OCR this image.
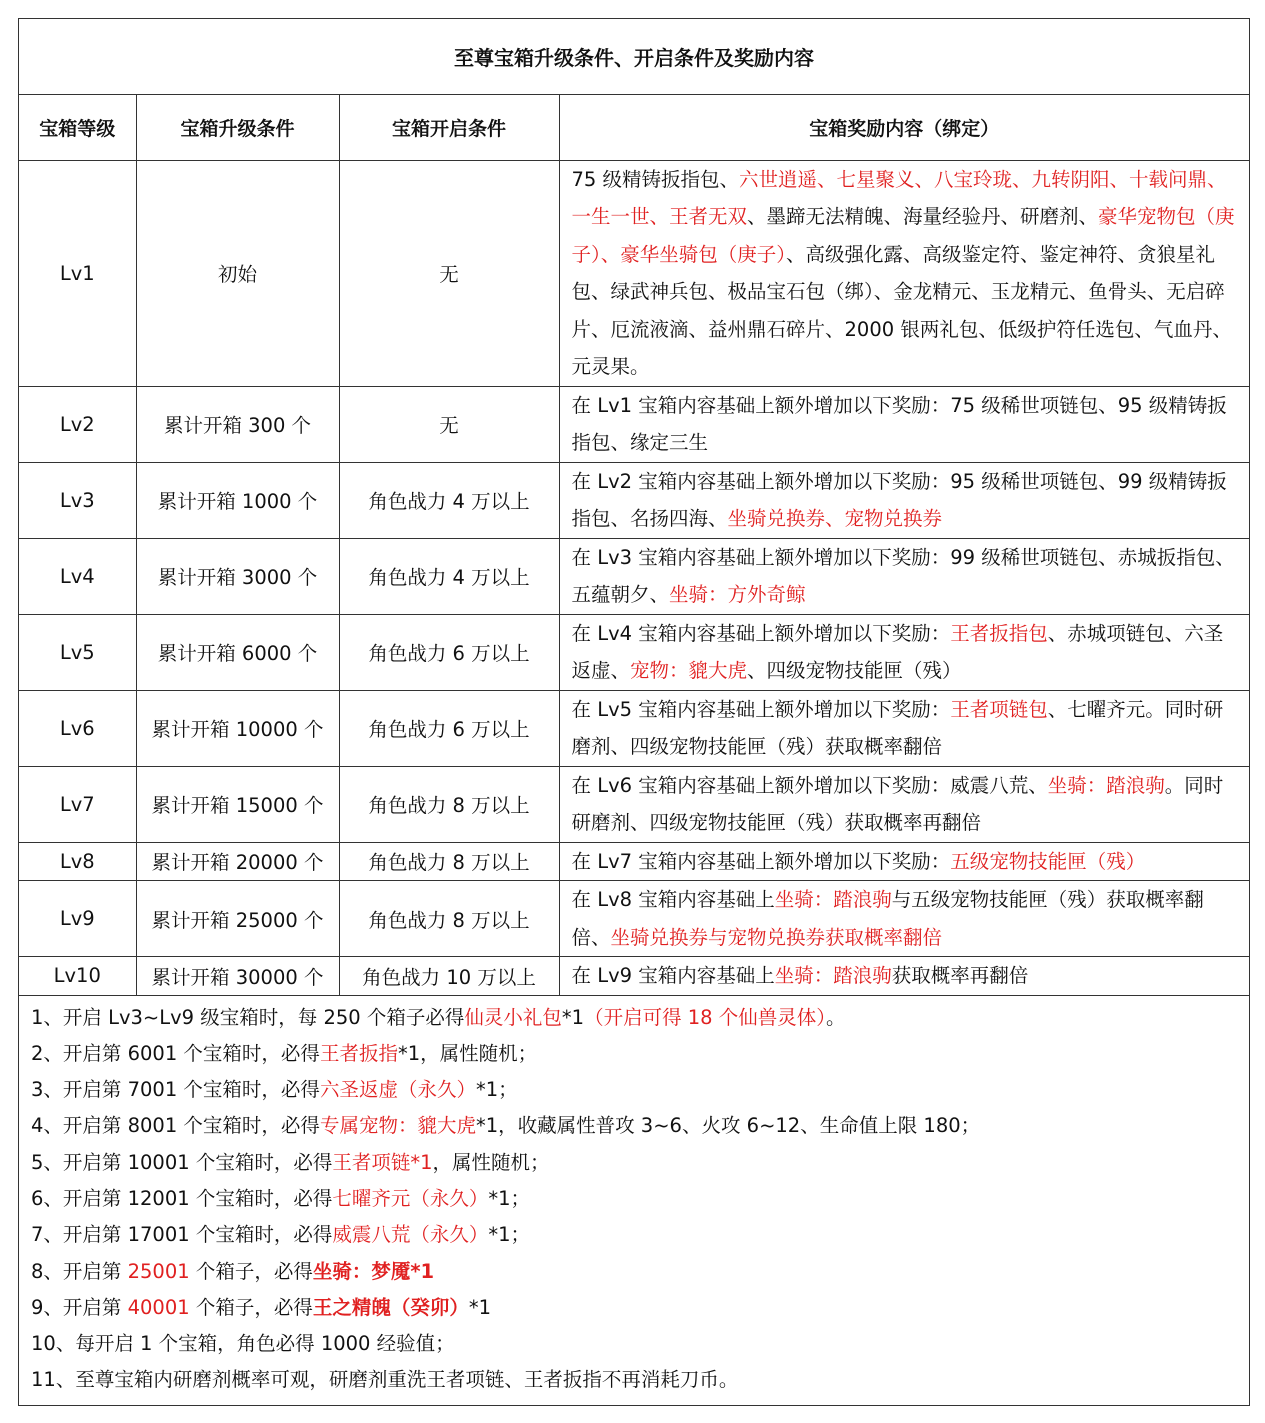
至尊宝箱升级条件、开启条件及奖励内容			
宝箱等级	宝箱升级条件	宝箱开启条件	宝箱奖励内容（绑定）
Lv1	初始	无	75 级精铸扳指包、六世逍遥、七星聚义、八宝玲珑、九转阴阳、十载问鼎、一生一世、王者无双、墨蹄无法精魄、海量经验丹、研磨剂、豪华宠物包（庚子）、豪华坐骑包（庚子）、高级强化露、高级鉴定符、鉴定神符、贪狼星礼包、绿武神兵包、极品宝石包（绑）、金龙精元、玉龙精元、鱼骨头、无启碎片、厄流液滴、益州鼎石碎片、2000 银两礼包、低级护符任选包、气血丹、元灵果。
Lv2	累计开箱 300 个	无	在 Lv1 宝箱内容基础上额外增加以下奖励：75 级稀世项链包、95 级精铸扳指包、缘定三生
Lv3	累计开箱 1000 个	角色战力 4 万以上	在 Lv2 宝箱内容基础上额外增加以下奖励：95 级稀世项链包、99 级精铸扳指包、名扬四海、坐骑兑换券、宠物兑换券
Lv4	累计开箱 3000 个	角色战力 4 万以上	在 Lv3 宝箱内容基础上额外增加以下奖励：99 级稀世项链包、赤城扳指包、五蕴朝夕、坐骑：方外奇鲸
Lv5	累计开箱 6000 个	角色战力 6 万以上	在 Lv4 宝箱内容基础上额外增加以下奖励：王者扳指包、赤城项链包、六圣返虚、宠物：貔大虎、四级宠物技能匣（残）
Lv6	累计开箱 10000 个	角色战力 6 万以上	在 Lv5 宝箱内容基础上额外增加以下奖励：王者项链包、七曜齐元。同时研磨剂、四级宠物技能匣（残）获取概率翻倍
Lv7	累计开箱 15000 个	角色战力 8 万以上	在 Lv6 宝箱内容基础上额外增加以下奖励：威震八荒、坐骑：踏浪驹。同时研磨剂、四级宠物技能匣（残）获取概率再翻倍
Lv8	累计开箱 20000 个	角色战力 8 万以上	在 Lv7 宝箱内容基础上额外增加以下奖励：五级宠物技能匣（残）
Lv9	累计开箱 25000 个	角色战力 8 万以上	在 Lv8 宝箱内容基础上坐骑：踏浪驹与五级宠物技能匣（残）获取概率翻倍、坐骑兑换券与宠物兑换券获取概率翻倍
Lv10	累计开箱 30000 个	角色战力 10 万以上	在 Lv9 宝箱内容基础上坐骑：踏浪驹获取概率再翻倍
1、开启 Lv3~Lv9 级宝箱时，每 250 个箱子必得仙灵小礼包*1（开启可得 18 个仙兽灵体）。
2、开启第 6001 个宝箱时，必得王者扳指*1，属性随机；
3、开启第 7001 个宝箱时，必得六圣返虚（永久）*1；
4、开启第 8001 个宝箱时，必得专属宠物：貔大虎*1，收藏属性普攻 3~6、火攻 6~12、生命值上限 180；
5、开启第 10001 个宝箱时，必得王者项链*1，属性随机；
6、开启第 12001 个宝箱时，必得七曜齐元（永久）*1；
7、开启第 17001 个宝箱时，必得威震八荒（永久）*1；
8、开启第 25001 个箱子，必得坐骑：梦魇*1
9、开启第 40001 个箱子，必得王之精魄（癸卯）*1
10、每开启 1 个宝箱，角色必得 1000 经验值；
11、至尊宝箱内研磨剂概率可观，研磨剂重洗王者项链、王者扳指不再消耗刀币。
